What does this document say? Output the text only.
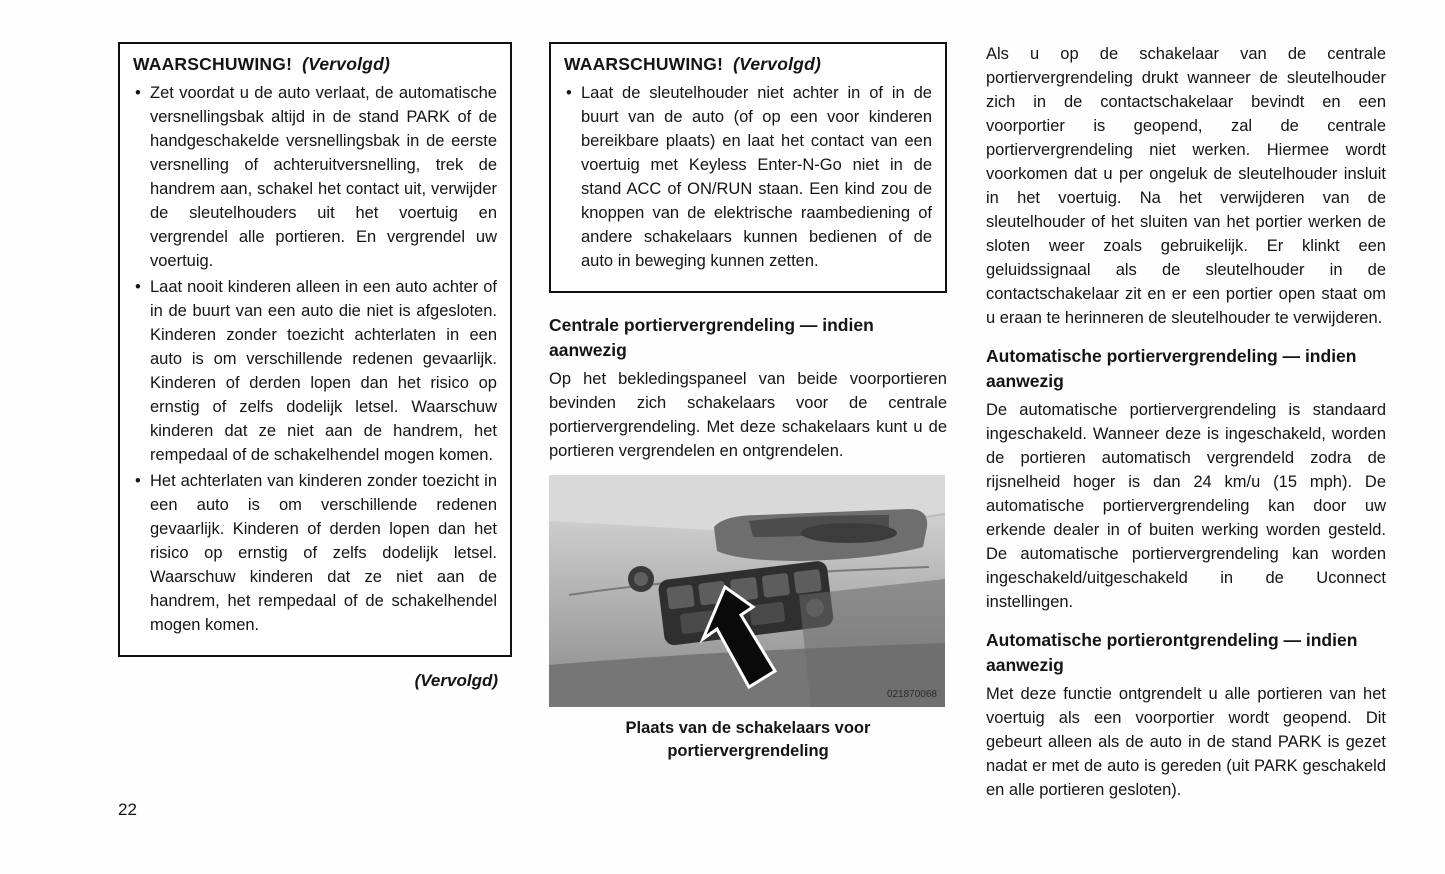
WAARSCHUWING! (Vervolgd)
• Zet voordat u de auto verlaat, de automatische versnellingsbak altijd in de stand PARK of de handgeschakelde versnellingsbak in de eerste versnelling of achteruitversnelling, trek de handrem aan, schakel het contact uit, verwijder de sleutelhouders uit het voertuig en vergrendel alle portieren. En vergrendel uw voertuig.
• Laat nooit kinderen alleen in een auto achter of in de buurt van een auto die niet is afgesloten. Kinderen zonder toezicht achterlaten in een auto is om verschillende redenen gevaarlijk. Kinderen of derden lopen dan het risico op ernstig of zelfs dodelijk letsel. Waarschuw kinderen dat ze niet aan de handrem, het rempedaal of de schakelhendel mogen komen.
• Het achterlaten van kinderen zonder toezicht in een auto is om verschillende redenen gevaarlijk. Kinderen of derden lopen dan het risico op ernstig of zelfs dodelijk letsel. Waarschuw kinderen dat ze niet aan de handrem, het rempedaal of de schakelhendel mogen komen.
(Vervolgd)
WAARSCHUWING! (Vervolgd)
• Laat de sleutelhouder niet achter in of in de buurt van de auto (of op een voor kinderen bereikbare plaats) en laat het contact van een voertuig met Keyless Enter-N-Go niet in de stand ACC of ON/RUN staan. Een kind zou de knoppen van de elektrische raambediening of andere schakelaars kunnen bedienen of de auto in beweging kunnen zetten.
Centrale portiervergrendeling — indien aanwezig

Op het bekledingspaneel van beide voorportieren bevinden zich schakelaars voor de centrale portiervergrendeling. Met deze schakelaars kunt u de portieren vergrendelen en ontgrendelen.

021870068
Plaats van de schakelaars voor portiervergrendeling

Als u op de schakelaar van de centrale portiervergrendeling drukt wanneer de sleutelhouder zich in de contactschakelaar bevindt en een voorportier is geopend, zal de centrale portiervergrendeling niet werken. Hiermee wordt voorkomen dat u per ongeluk de sleutelhouder insluit in het voertuig. Na het verwijderen van de sleutelhouder of het sluiten van het portier werken de sloten weer zoals gebruikelijk. Er klinkt een geluidssignaal als de sleutelhouder in de contactschakelaar zit en er een portier open staat om u eraan te herinneren de sleutelhouder te verwijderen.

Automatische portiervergrendeling — indien aanwezig

De automatische portiervergrendeling is standaard ingeschakeld. Wanneer deze is ingeschakeld, worden de portieren automatisch vergrendeld zodra de rijsnelheid hoger is dan 24 km/u (15 mph). De automatische portiervergrendeling kan door uw erkende dealer in of buiten werking worden gesteld. De automatische portiervergrendeling kan worden ingeschakeld/uitgeschakeld in de Uconnect instellingen.

Automatische portierontgrendeling — indien aanwezig

Met deze functie ontgrendelt u alle portieren van het voertuig als een voorportier wordt geopend. Dit gebeurt alleen als de auto in de stand PARK is gezet nadat er met de auto is gereden (uit PARK geschakeld en alle portieren gesloten).

22
